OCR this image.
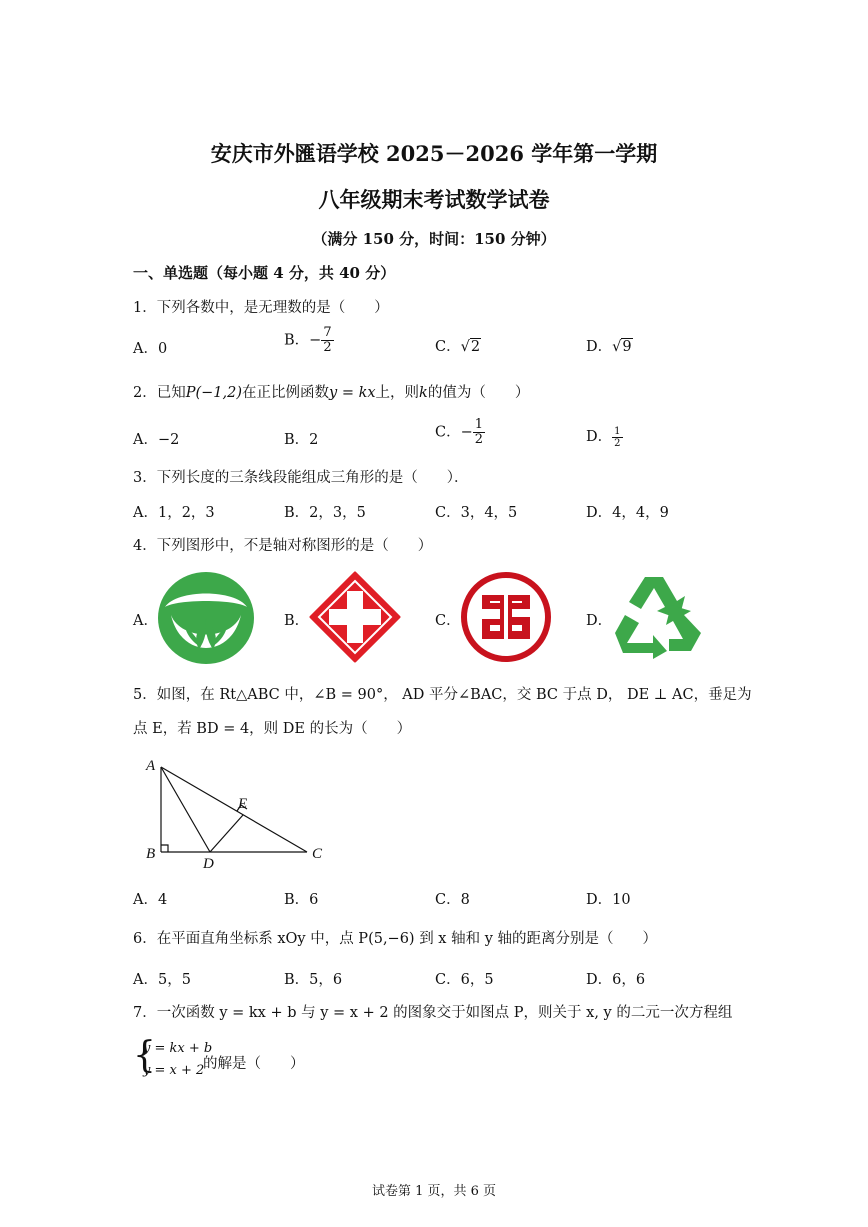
安庆市外匯语学校 2025－2026 学年第一学期
八年级期末考试数学试卷
（满分 150 分，时间：150 分钟）
一、单选题（每小题 4 分，共 40 分）
1．下列各数中，是无理数的是（　　）
A．0
B．− $\frac{7}{2}$	C．√2	D．√9
2．已知P(−1,2)在正比例函数y = kx上，则k的值为（　　）
A．−2	B．2	C．− $\frac{1}{2}$	D． $\frac{1}{2}$
3．下列长度的三条线段能组成三角形的是（　　）．
A．1，2，3	B．2，3，5	C．3，4，5	D．4，4，9
4．下列图形中，不是轴对称图形的是（　　）
A．	B．	C．	D．
5．如图，在 Rt△ABC 中，∠B = 90°， AD 平分∠BAC，交 BC 于点 D， DE ⊥ AC，垂足为
点 E，若 BD = 4，则 DE 的长为（　　）
A
B	C
D
E
A．4	B．6	C．8	D．10
6．在平面直角坐标系 xOy 中，点 P(5,−6) 到 x 轴和 y 轴的距离分别是（　　）
A．5，5	B．5，6	C．6，5	D．6，6
7．一次函数 y = kx + b 与 y = x + 2 的图象交于如图点 P，则关于 x, y 的二元一次方程组
{
y = kx + b
y = x + 2
的解是（　　）
试卷第 1 页，共 6 页
